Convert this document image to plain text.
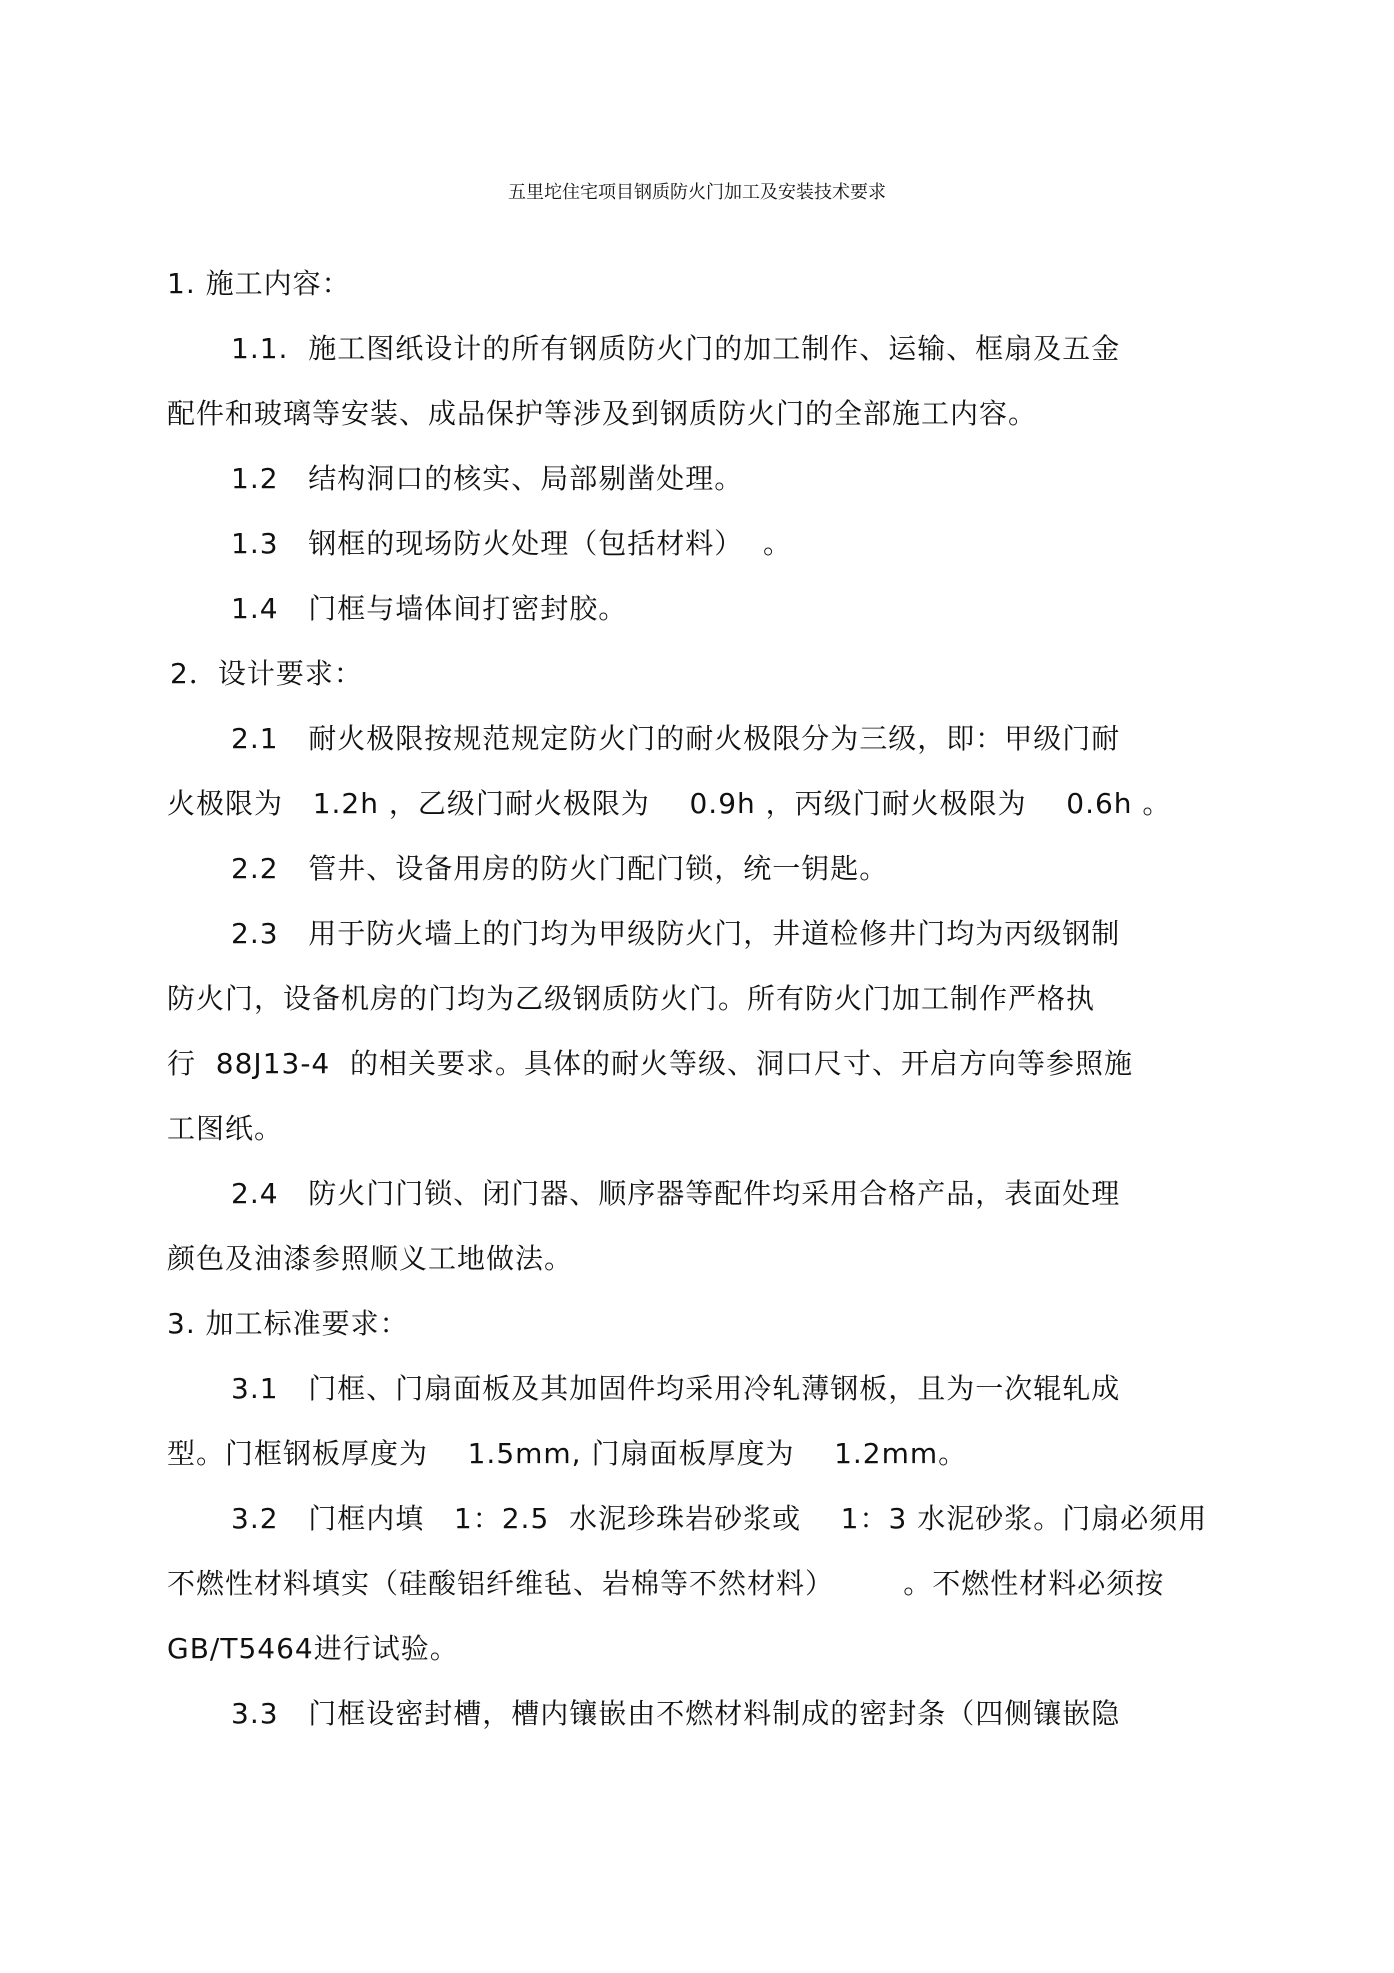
五里坨住宅项目钢质防火门加工及安装技术要求
1. 施工内容：
1.1.  施工图纸设计的所有钢质防火门的加工制作、运输、框扇及五金
配件和玻璃等安装、成品保护等涉及到钢质防火门的全部施工内容。
1.2   结构洞口的核实、局部剔凿处理。
1.3   钢框的现场防火处理（包括材料）  。
1.4   门框与墙体间打密封胶。
2．设计要求：
2.1   耐火极限按规范规定防火门的耐火极限分为三级，即：甲级门耐
火极限为   1.2h ，乙级门耐火极限为    0.9h ，丙级门耐火极限为    0.6h 。
2.2   管井、设备用房的防火门配门锁，统一钥匙。
2.3   用于防火墙上的门均为甲级防火门，井道检修井门均为丙级钢制
防火门，设备机房的门均为乙级钢质防火门。所有防火门加工制作严格执
行  88J13-4  的相关要求。具体的耐火等级、洞口尺寸、开启方向等参照施
工图纸。
2.4   防火门门锁、闭门器、顺序器等配件均采用合格产品，表面处理
颜色及油漆参照顺义工地做法。
3. 加工标准要求：
3.1   门框、门扇面板及其加固件均采用冷轧薄钢板，且为一次辊轧成
型。门框钢板厚度为    1.5mm, 门扇面板厚度为    1.2mm。
3.2   门框内填   1：2.5  水泥珍珠岩砂浆或    1：3 水泥砂浆。门扇必须用
不燃性材料填实（硅酸铝纤维毡、岩棉等不然材料）       。不燃性材料必须按
GB/T5464进行试验。
3.3   门框设密封槽，槽内镶嵌由不燃材料制成的密封条（四侧镶嵌隐
